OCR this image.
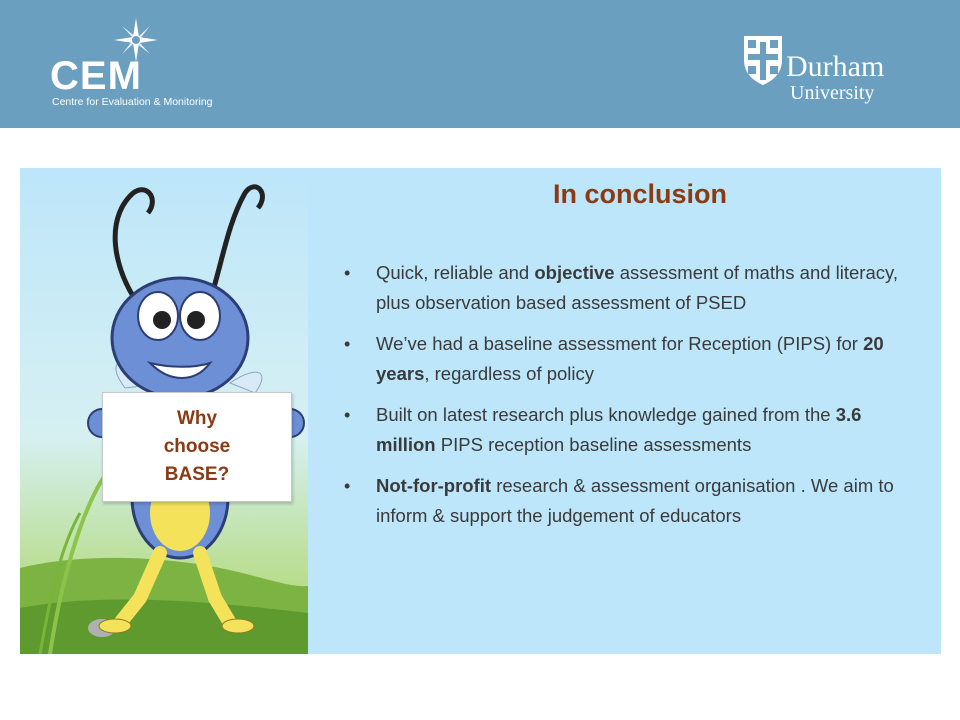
CEM
Centre for Evaluation & Monitoring
Durham
University
Why
choose
BASE?
In conclusion
• Quick, reliable and objective assessment of maths and literacy, plus observation based assessment of PSED
• We’ve had a baseline assessment for Reception (PIPS) for 20 years, regardless of policy
• Built on latest research plus knowledge gained from the 3.6 million PIPS reception baseline assessments
• Not-for-profit research & assessment organisation . We aim to inform & support the judgement of educators
